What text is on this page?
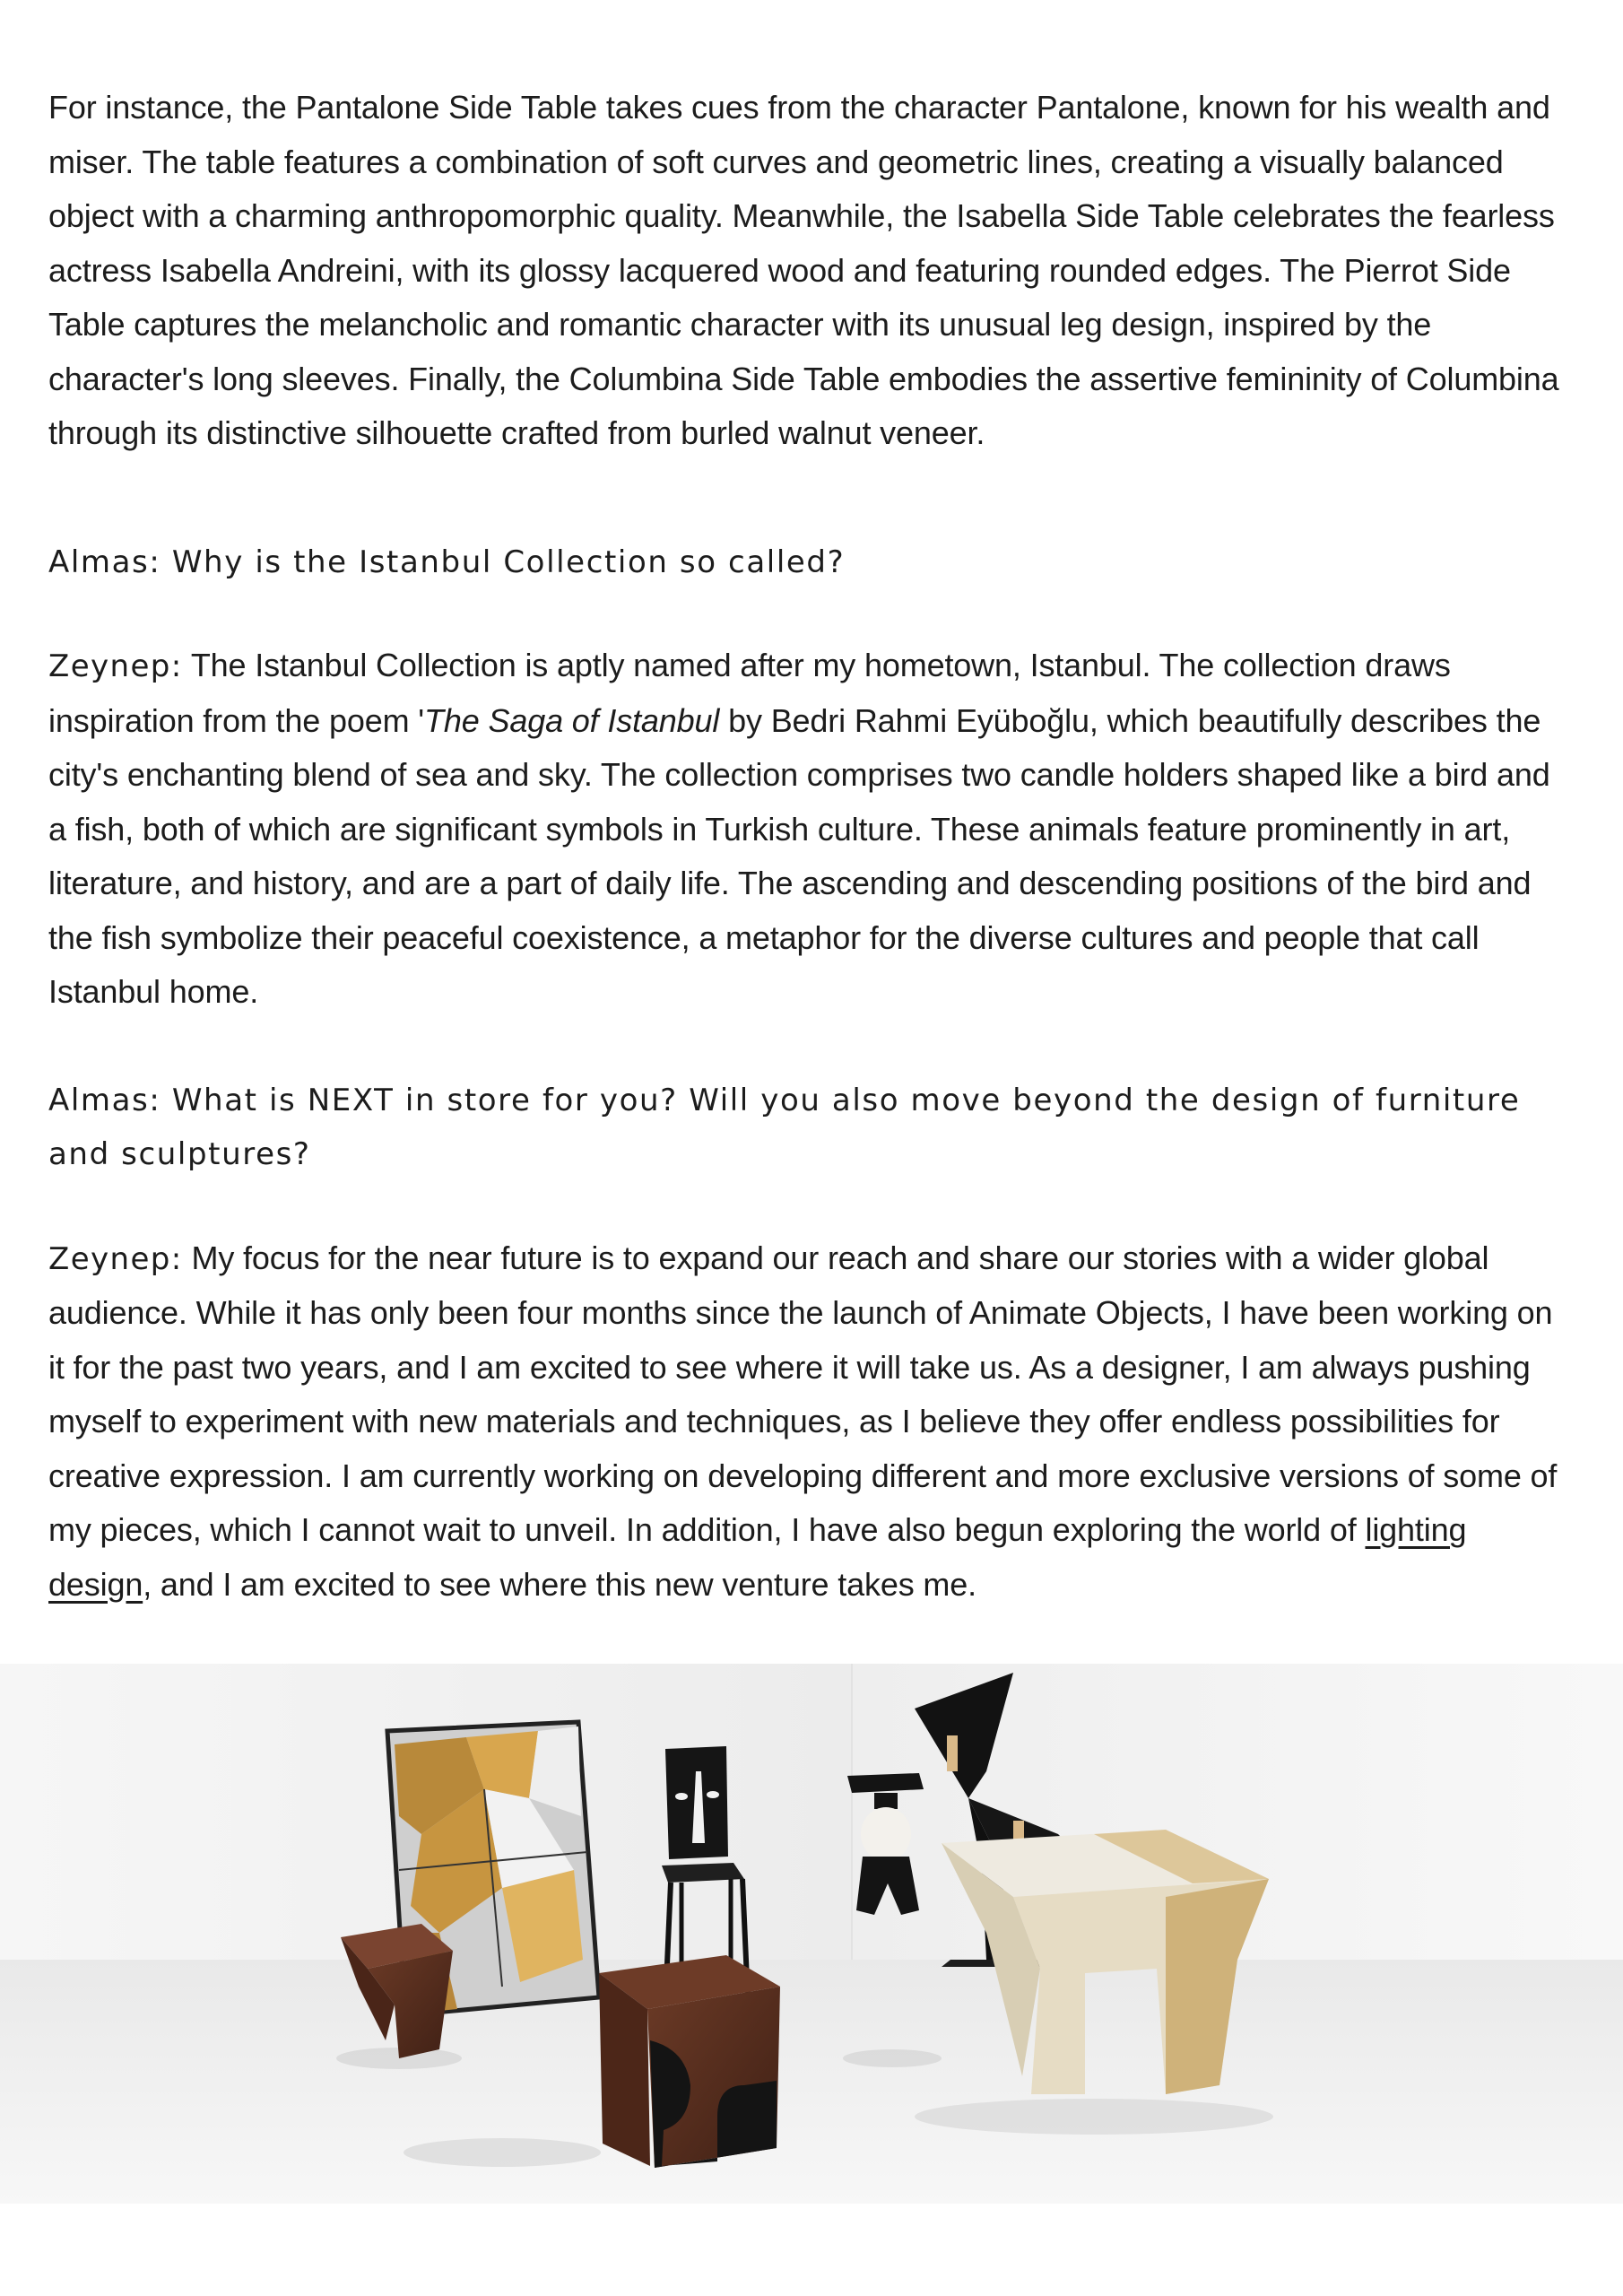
For instance, the Pantalone Side Table takes cues from the character Pantalone, known for his wealth and miser. The table features a combination of soft curves and geometric lines, creating a visually balanced object with a charming anthropomorphic quality. Meanwhile, the Isabella Side Table celebrates the fearless actress Isabella Andreini, with its glossy lacquered wood and featuring rounded edges. The Pierrot Side Table captures the melancholic and romantic character with its unusual leg design, inspired by the character's long sleeves. Finally, the Columbina Side Table embodies the assertive femininity of Columbina through its distinctive silhouette crafted from burled walnut veneer.

Almas: Why is the Istanbul Collection so called?

Zeynep: The Istanbul Collection is aptly named after my hometown, Istanbul. The collection draws inspiration from the poem 'The Saga of Istanbul by Bedri Rahmi Eyüboğlu, which beautifully describes the city's enchanting blend of sea and sky. The collection comprises two candle holders shaped like a bird and a fish, both of which are significant symbols in Turkish culture. These animals feature prominently in art, literature, and history, and are a part of daily life. The ascending and descending positions of the bird and the fish symbolize their peaceful coexistence, a metaphor for the diverse cultures and people that call Istanbul home.

Almas: What is NEXT in store for you? Will you also move beyond the design of furniture and sculptures?

Zeynep: My focus for the near future is to expand our reach and share our stories with a wider global audience. While it has only been four months since the launch of Animate Objects, I have been working on it for the past two years, and I am excited to see where it will take us. As a designer, I am always pushing myself to experiment with new materials and techniques, as I believe they offer endless possibilities for creative expression. I am currently working on developing different and more exclusive versions of some of my pieces, which I cannot wait to unveil. In addition, I have also begun exploring the world of lighting design, and I am excited to see where this new venture takes me.
